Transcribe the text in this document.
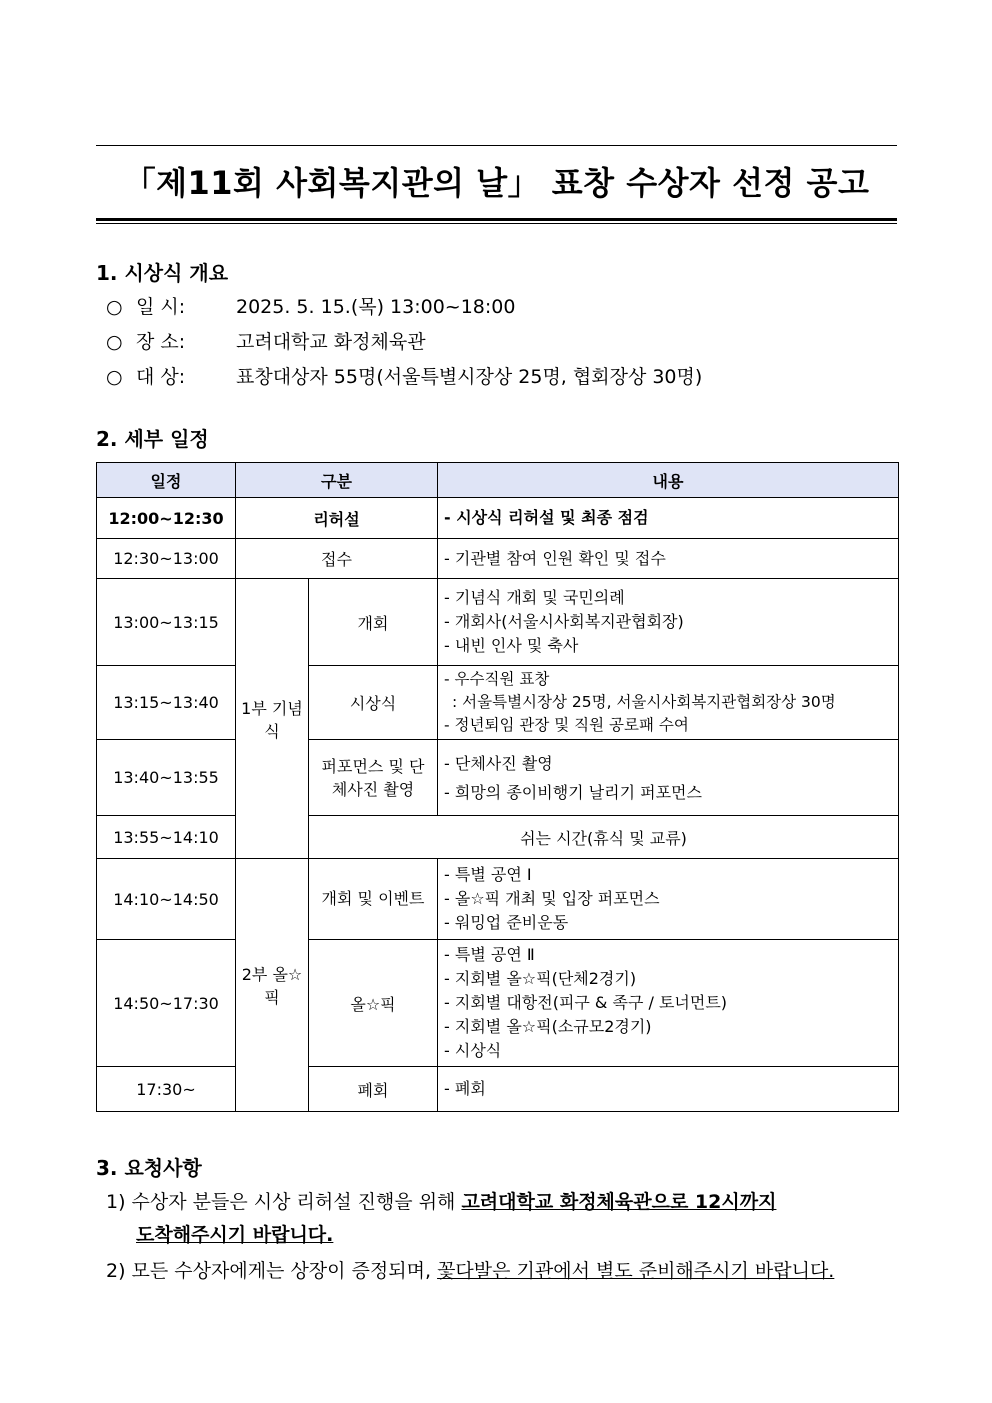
「제11회 사회복지관의 날」 표창 수상자 선정 공고
1. 시상식 개요
○ 일 시:	2025. 5. 15.(목) 13:00~18:00
○ 장 소:	고려대학교 화정체육관
○ 대 상:	표창대상자 55명(서울특별시장상 25명, 협회장상 30명)
2. 세부 일정
일정	구분		내용
12:00~12:30	리허설		- 시상식 리허설 및 최종 점검
12:30~13:00	접수		- 기관별 참여 인원 확인 및 접수
13:00~13:15	1부 기념식	개회	- 기념식 개회 및 국민의례
- 개회사(서울시사회복지관협회장)
- 내빈 인사 및 축사

13:15~13:40		시상식	- 우수직원 표창
: 서울특별시장상 25명, 서울시사회복지관협회장상 30명
- 정년퇴임 관장 및 직원 공로패 수여

13:40~13:55		퍼포먼스 및 단체사진 촬영	- 단체사진 촬영
- 희망의 종이비행기 날리기 퍼포먼스

13:55~14:10		쉬는 시간(휴식 및 교류)	
14:10~14:50	2부 올☆픽	개회 및 이벤트	- 특별 공연 Ⅰ
- 올☆픽 개최 및 입장 퍼포먼스
- 워밍업 준비운동

14:50~17:30		올☆픽	- 특별 공연 Ⅱ
- 지회별 올☆픽(단체2경기)
- 지회별 대항전(피구 & 족구 / 토너먼트)
- 지회별 올☆픽(소규모2경기)
- 시상식

17:30~		폐회	- 폐회
3. 요청사항
1) 수상자 분들은 시상 리허설 진행을 위해 고려대학교 화정체육관으로 12시까지
도착해주시기 바랍니다.
2) 모든 수상자에게는 상장이 증정되며, 꽃다발은 기관에서 별도 준비해주시기 바랍니다.
